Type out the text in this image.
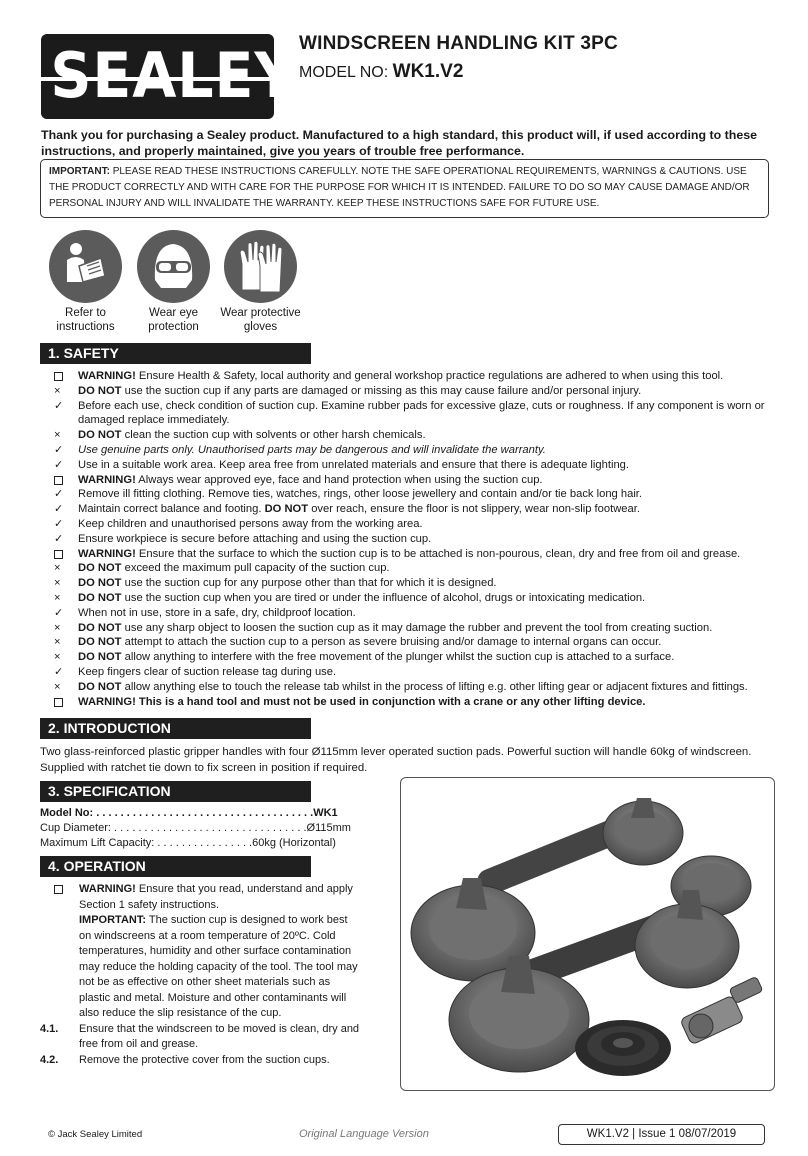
SEALEY WINDSCREEN HANDLING KIT 3PC
MODEL NO: WK1.V2
Thank you for purchasing a Sealey product. Manufactured to a high standard, this product will, if used according to these instructions, and properly maintained, give you years of trouble free performance.
IMPORTANT: PLEASE READ THESE INSTRUCTIONS CAREFULLY. NOTE THE SAFE OPERATIONAL REQUIREMENTS, WARNINGS & CAUTIONS. USE THE PRODUCT CORRECTLY AND WITH CARE FOR THE PURPOSE FOR WHICH IT IS INTENDED. FAILURE TO DO SO MAY CAUSE DAMAGE AND/OR PERSONAL INJURY AND WILL INVALIDATE THE WARRANTY. KEEP THESE INSTRUCTIONS SAFE FOR FUTURE USE.
Refer to
instructions
Wear eye
protection
Wear protective
gloves
1. SAFETY
WARNING! Ensure Health & Safety, local authority and general workshop practice regulations are adhered to when using this tool.
×	DO NOT use the suction cup if any parts are damaged or missing as this may cause failure and/or personal injury.
✓	Before each use, check condition of suction cup. Examine rubber pads for excessive glaze, cuts or roughness. If any component is worn or damaged replace immediately.
×	DO NOT clean the suction cup with solvents or other harsh chemicals.
✓	Use genuine parts only. Unauthorised parts may be dangerous and will invalidate the warranty.
✓	Use in a suitable work area. Keep area free from unrelated materials and ensure that there is adequate lighting.
WARNING! Always wear approved eye, face and hand protection when using the suction cup.
✓	Remove ill fitting clothing. Remove ties, watches, rings, other loose jewellery and contain and/or tie back long hair.
✓	Maintain correct balance and footing. DO NOT over reach, ensure the floor is not slippery, wear non-slip footwear.
✓	Keep children and unauthorised persons away from the working area.
✓	Ensure workpiece is secure before attaching and using the suction cup.
WARNING! Ensure that the surface to which the suction cup is to be attached is non-pourous, clean, dry and free from oil and grease.
×	DO NOT exceed the maximum pull capacity of the suction cup.
×	DO NOT use the suction cup for any purpose other than that for which it is designed.
×	DO NOT use the suction cup when you are tired or under the influence of alcohol, drugs or intoxicating medication.
✓	When not in use, store in a safe, dry, childproof location.
×	DO NOT use any sharp object to loosen the suction cup as it may damage the rubber and prevent the tool from creating suction.
×	DO NOT attempt to attach the suction cup to a person as severe bruising and/or damage to internal organs can occur.
×	DO NOT allow anything to interfere with the free movement of the plunger whilst the suction cup is attached to a surface.
✓	Keep fingers clear of suction release tag during use.
×	DO NOT allow anything else to touch the release tab whilst in the process of lifting e.g. other lifting gear or adjacent fixtures and fittings.
WARNING! This is a hand tool and must not be used in conjunction with a crane or any other lifting device.
2. INTRODUCTION
Two glass-reinforced plastic gripper handles with four Ø115mm lever operated suction pads. Powerful suction will handle 60kg of windscreen. Supplied with ratchet tie down to fix screen in position if required.
3. SPECIFICATION
Model No: . . . . . . . . . . . . . . . . . . . . . . . . . . . . . . . . . . . . WK1
Cup Diameter: . . . . . . . . . . . . . . . . . . . . . . . . . . . . . . . . Ø115mm
Maximum Lift Capacity: . . . . . . . . . . . . . . . . 60kg (Horizontal)
4. OPERATION
WARNING! Ensure that you read, understand and apply Section 1 safety instructions.
IMPORTANT: The suction cup is designed to work best on windscreens at a room temperature of 20ºC. Cold temperatures, humidity and other surface contamination may reduce the holding capacity of the tool. The tool may not be as effective on other sheet materials such as plastic and metal. Moisture and other contaminants will also reduce the slip resistance of the cup.
4.1. Ensure that the windscreen to be moved is clean, dry and free from oil and grease.
4.2. Remove the protective cover from the suction cups.
© Jack Sealey Limited	Original Language Version	WK1.V2 | Issue 1 08/07/2019
